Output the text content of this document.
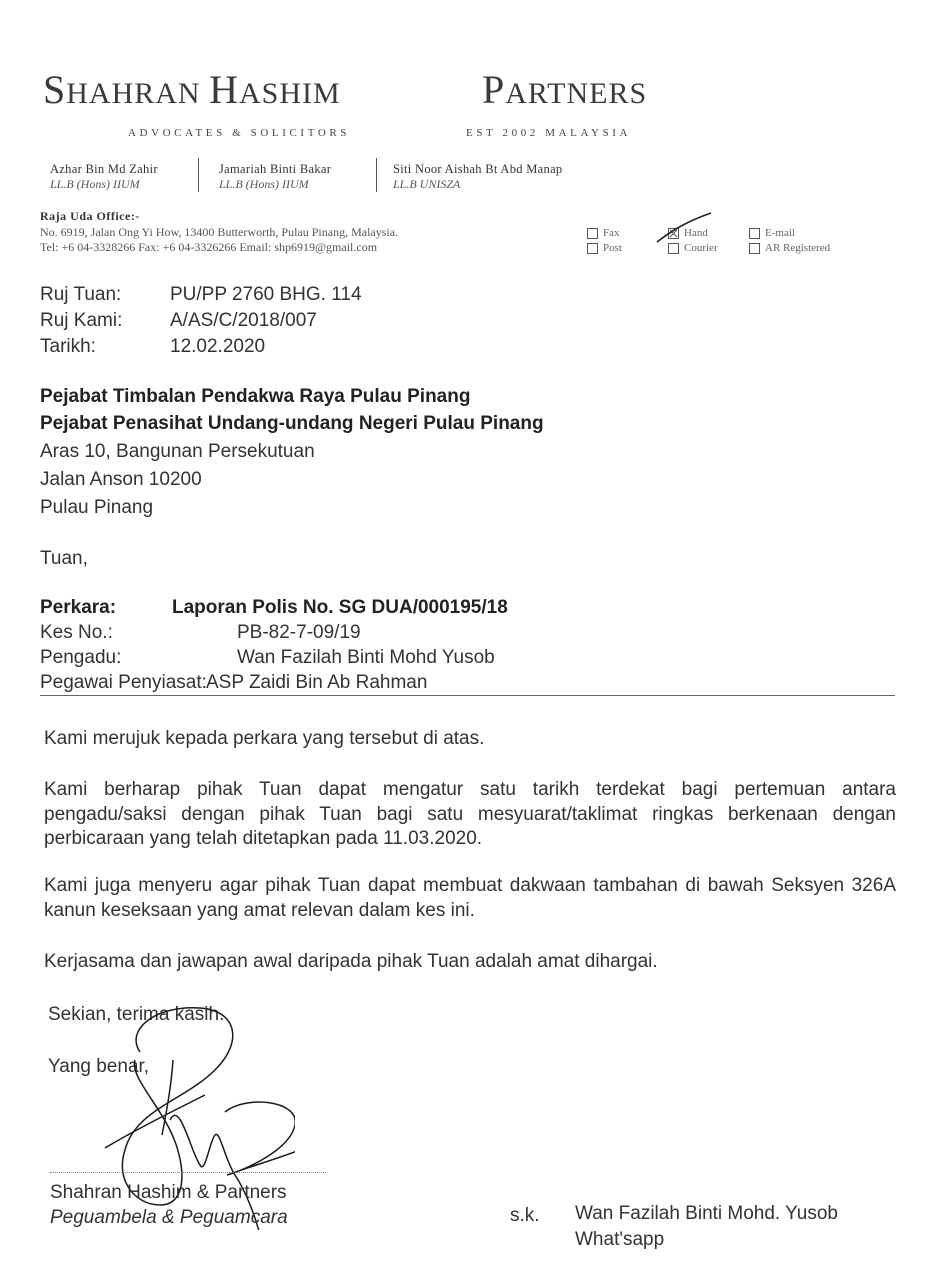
SHAHRAN HASHIM	PARTNERS
ADVOCATES & SOLICITORS	EST 2002 MALAYSIA
Azhar Bin Md Zahir
LL.B (Hons) IIUM
Jamariah Binti Bakar
LL.B (Hons) IIUM
Siti Noor Aishah Bt Abd Manap
LL.B UNISZA
Raja Uda Office:-
No. 6919, Jalan Ong Yi How, 13400 Butterworth, Pulau Pinang, Malaysia.
Tel: +6 04-3328266 Fax: +6 04-3326266 Email: shp6919@gmail.com
Fax	Hand	E-mail
Post	Courier	AR Registered
Ruj Tuan:	PU/PP 2760 BHG. 114
Ruj Kami:	A/AS/C/2018/007
Tarikh:	12.02.2020
Pejabat Timbalan Pendakwa Raya Pulau Pinang
Pejabat Penasihat Undang-undang Negeri Pulau Pinang
Aras 10, Bangunan Persekutuan
Jalan Anson 10200
Pulau Pinang
Tuan,
Perkara:	Laporan Polis No. SG DUA/000195/18
Kes No.:	PB-82-7-09/19
Pengadu:	Wan Fazilah Binti Mohd Yusob
Pegawai Penyiasat: ASP Zaidi Bin Ab Rahman
Kami merujuk kepada perkara yang tersebut di atas.
Kami berharap pihak Tuan dapat mengatur satu tarikh terdekat bagi pertemuan antara pengadu/saksi dengan pihak Tuan bagi satu mesyuarat/taklimat ringkas berkenaan dengan perbicaraan yang telah ditetapkan pada 11.03.2020.
Kami juga menyeru agar pihak Tuan dapat membuat dakwaan tambahan di bawah Seksyen 326A kanun keseksaan yang amat relevan dalam kes ini.
Kerjasama dan jawapan awal daripada pihak Tuan adalah amat dihargai.
Sekian, terima kasih.
Yang benar,
Shahran Hashim & Partners
Peguambela & Peguamcara	s.k. Wan Fazilah Binti Mohd. Yusob
What'sapp
